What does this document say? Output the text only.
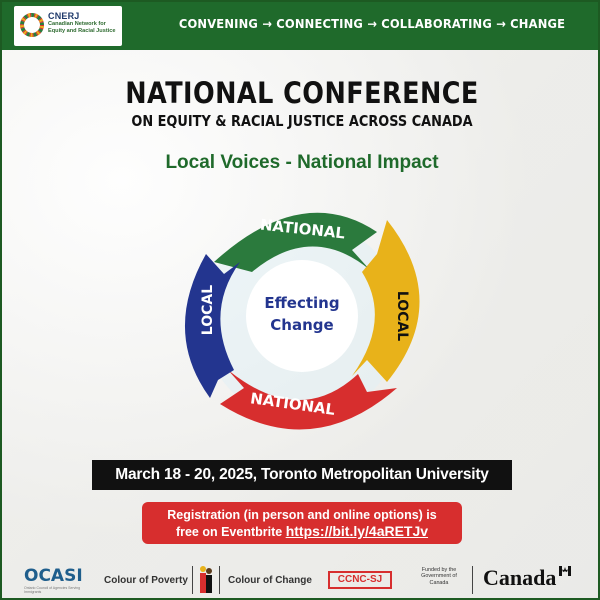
CNERJ
Canadian Network for Equity and Racial Justice	CONVENING → CONNECTING → COLLABORATING → CHANGE
NATIONAL CONFERENCE
ON EQUITY & RACIAL JUSTICE ACROSS CANADA
Local Voices - National Impact
NATIONAL
LOCAL
NATIONAL
LOCAL	Effecting
Change
March 18 - 20, 2025, Toronto Metropolitan University
Registration (in person and online options) is
free on Eventbrite https://bit.ly/4aRETJv
OCASI
Ontario Council of Agencies Serving Immigrants
Colour of Poverty	Colour of Change	CCNC-SJ
Funded by the Government of Canada	Canada
